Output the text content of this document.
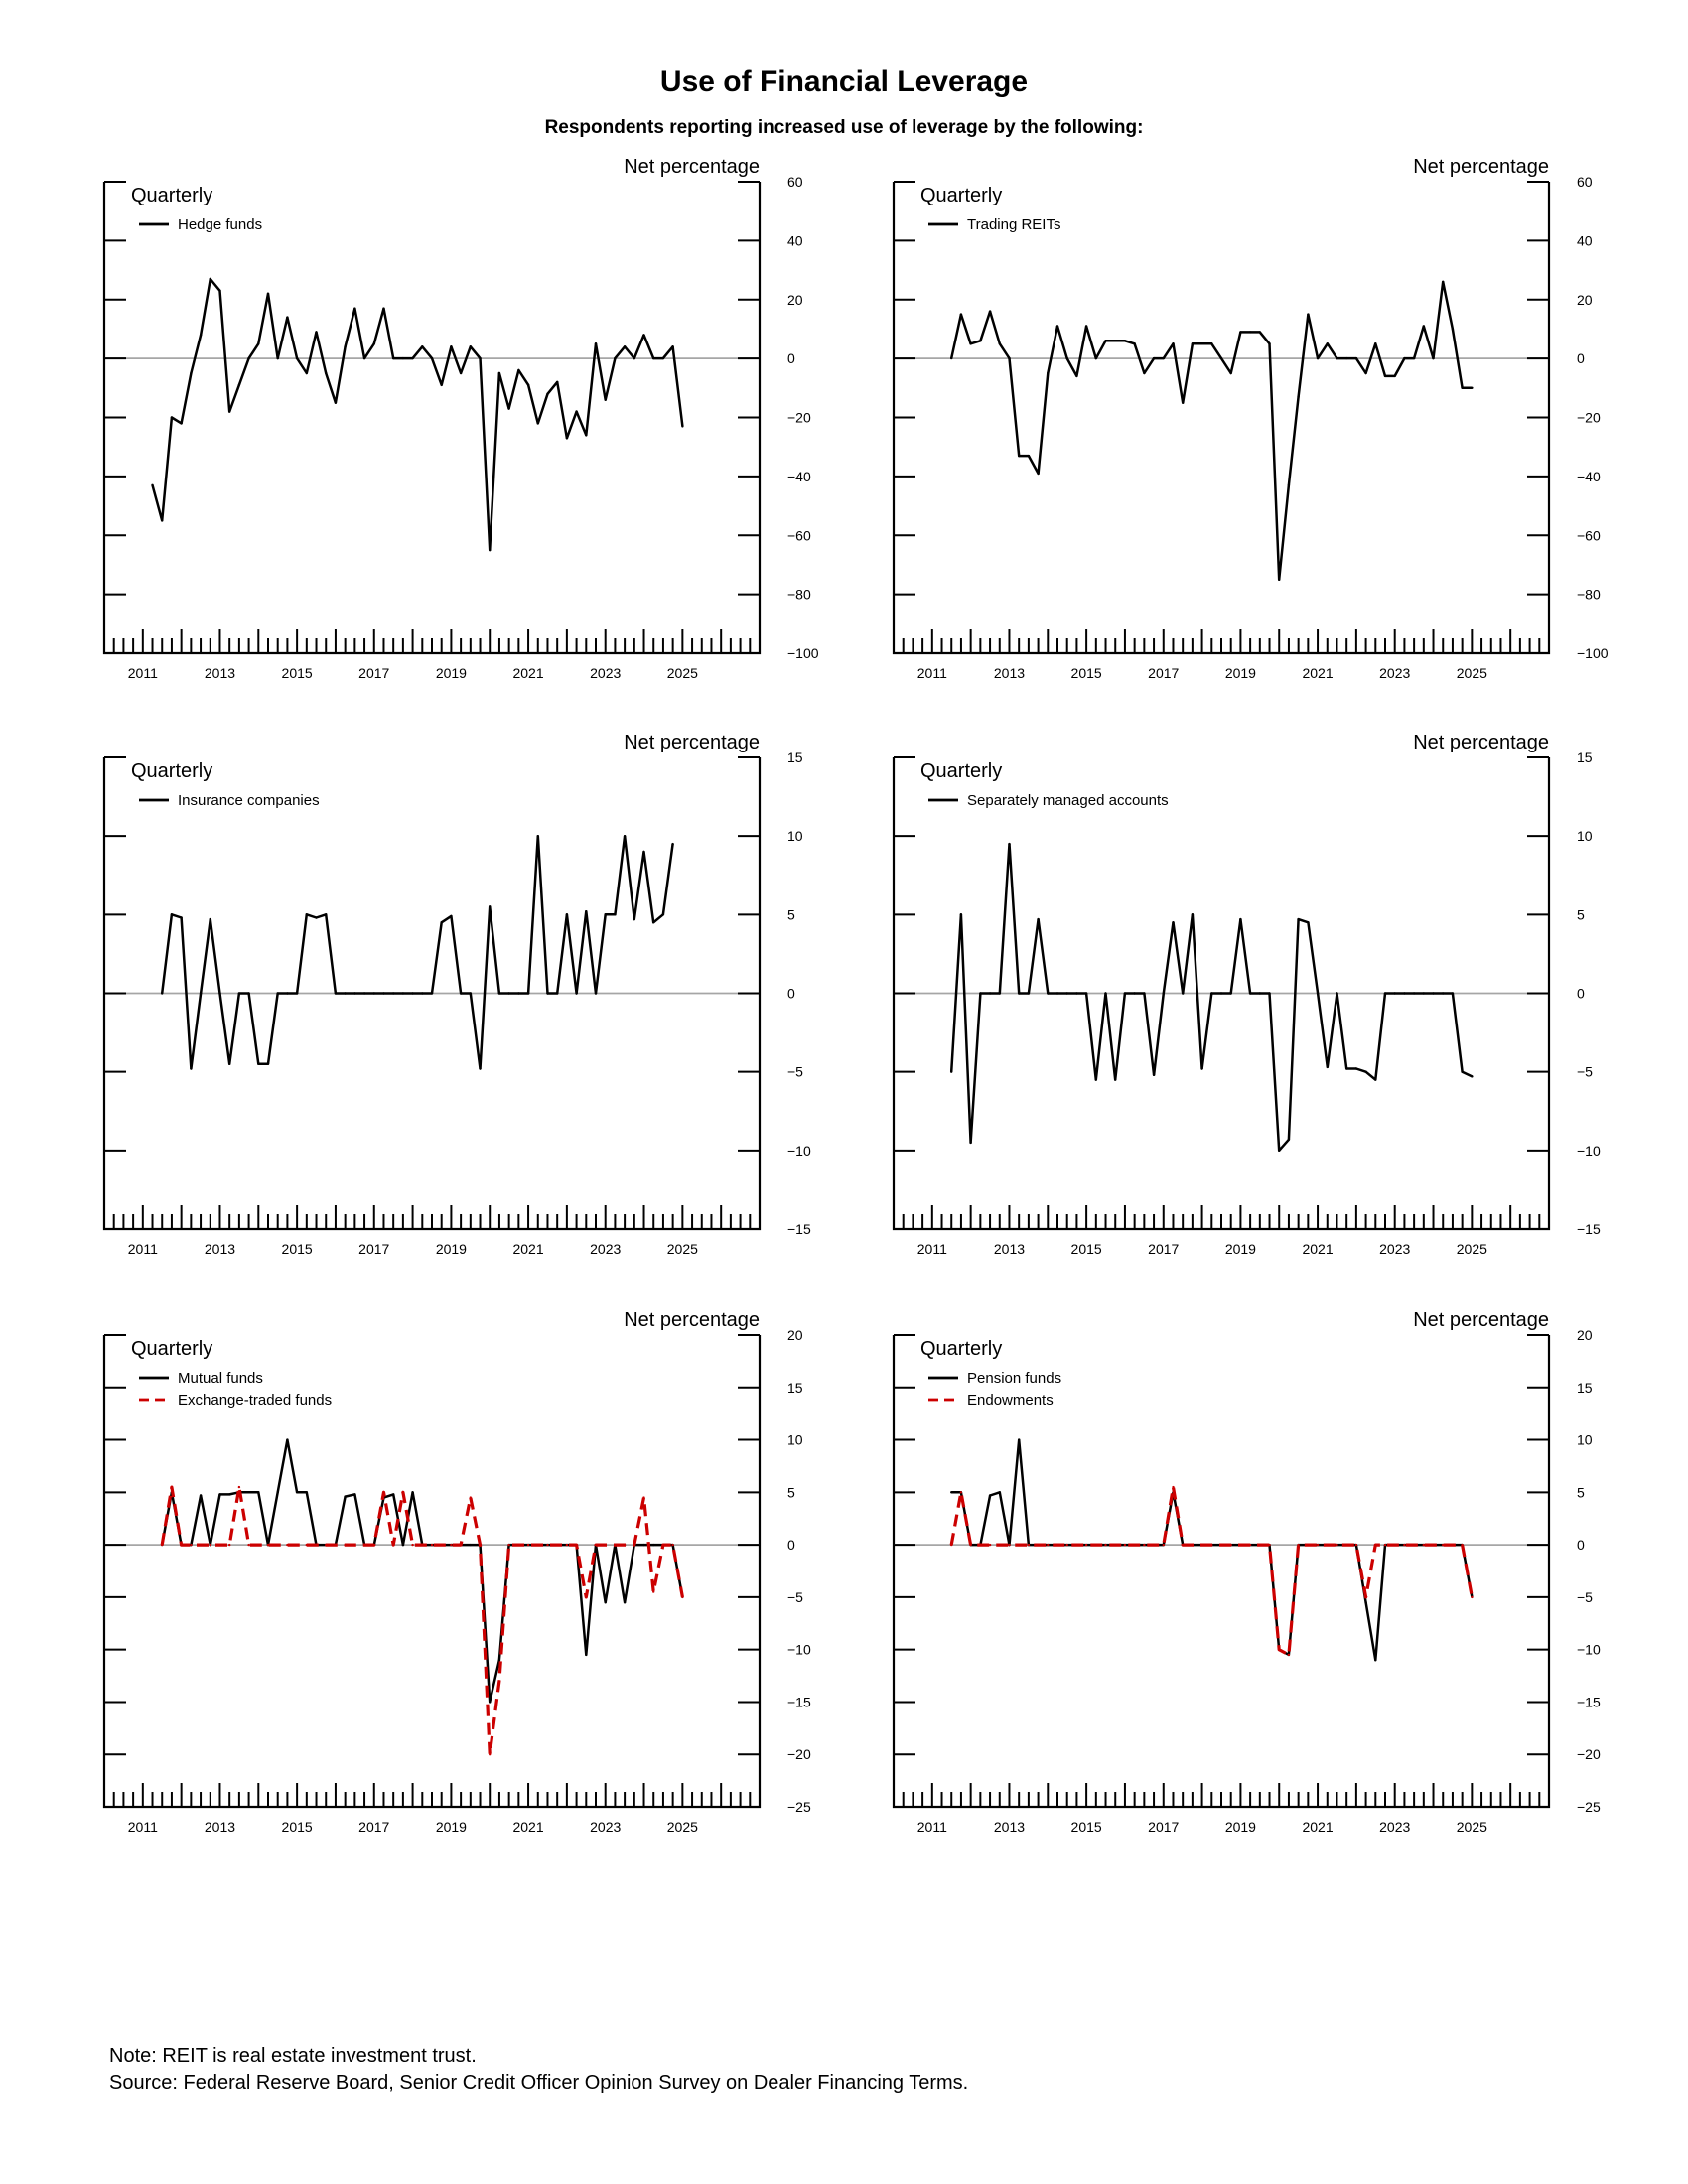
Use of Financial Leverage
Respondents reporting increased use of leverage by the following:
60
40
20
0
−20
−40
−60
−80
−100
2011	2013	2015	2017	2019	2021	2023	2025
Net percentage
Quarterly
Hedge funds
60
40
20
0
−20
−40
−60
−80
−100
2011	2013	2015	2017	2019	2021	2023	2025
Net percentage
Quarterly
Trading REITs
15
10
5
0
−5
−10
−15
2011	2013	2015	2017	2019	2021	2023	2025
Net percentage
Quarterly
Insurance companies
15
10
5
0
−5
−10
−15
2011	2013	2015	2017	2019	2021	2023	2025
Net percentage
Quarterly
Separately managed accounts
20
15
10
5
0
−5
−10
−15
−20
−25
2011	2013	2015	2017	2019	2021	2023	2025
Net percentage
Quarterly
Mutual funds
Exchange-traded funds
20
15
10
5
0
−5
−10
−15
−20
−25
2011	2013	2015	2017	2019	2021	2023	2025
Net percentage
Quarterly
Pension funds
Endowments
Note: REIT is real estate investment trust.
Source: Federal Reserve Board, Senior Credit Officer Opinion Survey on Dealer Financing Terms.
